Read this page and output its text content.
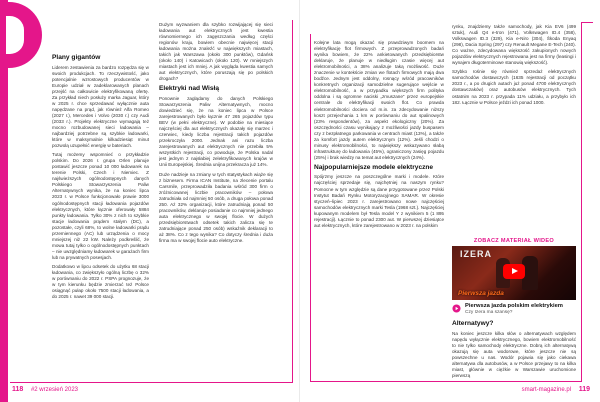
MOBILNOŚĆ FIRMOWA	Plany gigantów

Liderem zestawienia za bardzo rozpędza się w swoich produkcjach. To rzeczywistość, jako potencjalnie wzrostowych producentów w Europie udział w zadeklarowanych planach przejść na całkowicie elektryfikowaną ofertę. Za przykład niech posłuży marka Jaguar, który w 2025 r. chce sprzedawać wyłącznie auta napędzane na prąd, jak również Alfa Romeo (2027 r.), Mercedes i Volvo (2030 r.) czy Audi (2033 r.). Projekty elektryczne wymagają też mocno rozbudowanej sieci ładowania – najbardziej potrzebne są szybkie ładowarki, które w maksymalnie kilkadziesiąt minut pozwolą uzupełnić energię w bateriach.

Tutaj możemy wspomnieć o przykładzie polskim. Do 2026 r. grupa Orlen planuje postawić jeszcze ponad 10 000 ładowarek na terenie Polski, Czech i Niemiec. Z najświeższych ogólnodostępnych danych Polskiego Stowarzyszenia Paliw Alternatywnych wynika, że na koniec lipca 2023 r. w Polsce funkcjonowało prawie 3000 ogólnodostępnych stacji ładowania pojazdów elektrycznych, które łącznie oferowały 5884 punkty ładowania. Tylko 30% z nich to szybkie stacje ładowania prądem stałym (DC), a pozostałe, czyli 68%, to wolne ładowarki prądu przemiennego (AC) lub urządzenia o mocy mniejszej niż 22 kW. Należy podkreślić, że mowa tutaj tylko o ogólnodostępnych punktach – nie uwzględniamy ładowarek w garażach firm lub na prywatnych posesjach.

Dodatkowo w lipcu odsetek do użytku 68 stacji ładowania, co zwiększyło ogólną liczbę o 32% w porównaniu do 2022 r. PSPA prognozuje, że w tym kierunku będzie zmierzać też Polsce osiągnąć pułap około 7500 stacji ładowania, a do 2025 r. nawet 39 000 stacji.

Dużym wyzwaniem dla szybko rozwijającej się sieci ładowania aut elektrycznych jest kwestia równomiernego ich zagęszczania według części regionów kraju, bowiem obecnie najwięcej stacji ładowania można znaleźć w największych miastach, takich jak Warszawa (około 300 punktów), Gdańsk (około 140) i Katowicach (około 120). W mniejszych miastach jest ich mniej. A jak wygląda kwestia samych aut elektrycznych, które poruszają się po polskich drogach?

Elektryki nad Wisłą

Ponownie zaglądamy do danych Polskiego Stowarzyszenia Paliw Alternatywnych, mocno dowiedzieć się, że na koniec lipca w Polsce zarejestrowanych było łącznie 47 265 pojazdów typu BEV (w pełni elektryczne). W podobie na miesiące najczęściej dla aut elektrycznych okazały się marzec i czerwiec, kiedy liczba rejestracji takich pojazdów przekroczyła 2000. Jednak ani razu liczba zarejestrowanych aut elektrycznych nie przebiła 5% wszystkich rejestracji, co powoduje, że Polska nadal jest jednym z najsłabiej zelektryfikowanych krajów w Unii Europejskiej. Średnia unijna przekracza już 14%.

Duże nadzieje na zmiany w tych statystykach wiąże się z biznesem. Firma ICAN Institute, na zlecenie portalu Carsmile, przeprowadziła badania wśród 300 firm o zróżnicowanej liczbie pracowników – połowa zatrudniała od najmniej 50 osób, a druga połowa ponad 250. Aż 32% organizacji, które zatrudniają ponad 50 pracowników, deklaruje posiadanie co najmniej jednego auta elektrycznego w swojej flocie. W dużych przedsiębiorstwach odsetek takich zalicza się te zatrudniające ponad 250 osób) wskaźnik deklaracji to aż 38%. Co z tego wynika? Co dotyczy średnia i duża firma ma w swojej flocie auto elektryczne.

118 #2 wrzesień 2023

Kolejne lata mogą okazać się prawdziwym boomem na elektryfikację flot firmowych. Z przeprowadzonych badań wynika bowiem, że 22% ankietowanych przedsiębiorstw deklaruje, że planuje w niedługim czasie więcej aut elektromobilności, a 38% analizuje taką możliwość. Duże znaczenie w kontekście zmian we flotach firmowych mają dwa bodźce. Jednym jest oddolny, rosnący wśród pracowników konkretnych organizacji samodzielne sugerujące wejście w elektromobilność, a w przypadku większych firm polityka oddolna i są ogromne naciski „zmuszane” przez europejskie centrale do elektryfikacji swoich flot. Co prawda elektromobilności dociera od m.in. za zdecydowanie niższy koszt przejechania 1 km w porównaniu do aut spalinowych (23% respondentów), za aspekt ekologiczny (20%). Za oszczędności czasu wynikający z możliwości jazdy buspasem czy z bezpłatnego parkowania w centrach miast (13%), a także za komfort jazdy autem elektrycznym (12%). Jeśli chodzi o minusy elektromobilności, to największy wskazywano słabą infrastrukturę do ładowania (45%), ograniczony zasięg pojazdu (25%) i brak wiedzy na temat aut elektrycznych (24%).

Najpopularniejsze modele elektryczne

Spójrzmy jeszcze na poszczególne marki i modele. Które najczęściej sprzedaje się, najchętniej na naszym rynku? Pomocne w tym względzie są dane przygotowane przez Polski Instytut Badań Rynku Motoryzacyjnego SAMAR. W okresie styczeń–lipiec 2023 r. zarejestrowano nowe najczęściej samochodów elektrycznych marki Tesla (1968 szt.). Najczęściej kupowanym modelem był Tesla model Y z wynikiem 5 (1 895 rejestracji). Łącznie to ponad 2300 aut. W pierwszej dziesiątce aut elektrycznych, które zarejestrowano w 2023 r. na polskim

rynku, znajdziemy także samochody, jak Kia EV6 (499 sztuk), Audi Q4 e-tron (471), Volkswagen ID.4 (358), Volkswagen ID.3 (329), Kia e-Niro (304), Škoda Enyaq (298), Dacia Spring (297) czy Renault Megane E-Tech (240). Co ważne, zdecydowana większość zakupionych nowych pojazdów elektrycznych rejestrowana jest na firmy (leasingi i wynajem długoterminowe stanowią większość).

Szybko rośnie się również sprzedaż elektrycznych samochodów dostawczych (1635 rejestracji od początku 2023 r., a po drugich autach już ponad 4700 elektrycznych dostawczaków) oraz autobusów elektrycznych. Tych ostatnim na 2023 r. przypada 11% udziału, a przybyło ich 182. Łącznie w Polsce jeździ ich ponad 1000.

ZOBACZ MATERIAŁ WIDEO
IZERA
Pierwsza jazda
Pierwsza jazda polskim elektrykiem
Czy Izera ma szansę?
Alternatywy?

Na koniec jeszcze kilka słów o alternatywach względem napędu wyłącznie elektrycznego, bowiem elektromobilność to nie tylko samochody elektryczne. Dobrą ich alternatywą okazują się auta wodorowe, które jeszcze nie są powszechne u nas. Wodór pojawia się jako ciekawa alternatywa dla autobusów, a w Polsce przejawy to na kilka miast, głównie w ciężkie w Warszawie uruchomione pierwszą

smart-magazine.pl 119
